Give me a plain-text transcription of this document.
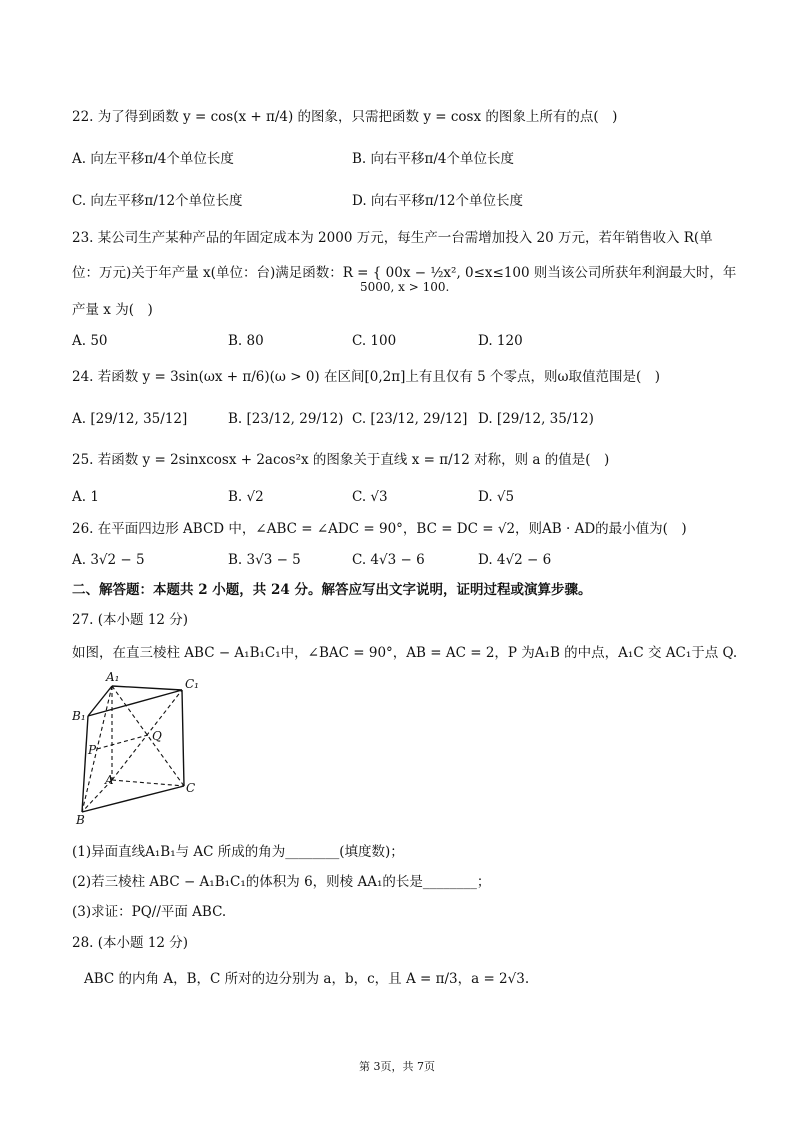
22. 为了得到函数 y = cos(x + π/4) 的图象，只需把函数 y = cosx 的图象上所有的点(　)
A. 向左平移π/4个单位长度	B. 向右平移π/4个单位长度
C. 向左平移π/12个单位长度	D. 向右平移π/12个单位长度
23. 某公司生产某种产品的年固定成本为 2000 万元，每生产一台需增加投入 20 万元，若年销售收入 R(单
位：万元)关于年产量 x(单位：台)满足函数：R = { 00x − ½x², 0≤x≤100 则当该公司所获年利润最大时，年
5000, x > 100.
产量 x 为(　)
A. 50	B. 80	C. 100	D. 120
24. 若函数 y = 3sin(ωx + π/6)(ω > 0) 在区间[0,2π]上有且仅有 5 个零点，则ω取值范围是(　)
A. [29/12, 35/12]	B. [23/12, 29/12) C. [23/12, 29/12] D. [29/12, 35/12)
25. 若函数 y = 2sinxcosx + 2acos²x 的图象关于直线 x = π/12 对称，则 a 的值是(　)
A. 1	B. √2	C. √3	D. √5
26. 在平面四边形 ABCD 中，∠ABC = ∠ADC = 90°，BC = DC = √2，则AB · AD的最小值为(　)
A. 3√2 − 5	B. 3√3 − 5	C. 4√3 − 6	D. 4√2 − 6
二、解答题：本题共 2 小题，共 24 分。解答应写出文字说明，证明过程或演算步骤。
27. (本小题 12 分)
如图，在直三棱柱 ABC − A₁B₁C₁中，∠BAC = 90°，AB = AC = 2，P 为A₁B 的中点，A₁C 交 AC₁于点 Q.
A₁	C₁
B₁
Q
P
A
C
B
(1)异面直线A₁B₁与 AC 所成的角为________(填度数)；
(2)若三棱柱 ABC − A₁B₁C₁的体积为 6，则棱 AA₁的长是________；
(3)求证：PQ//平面 ABC.
28. (本小题 12 分)
ABC 的内角 A，B，C 所对的边分别为 a，b，c，且 A = π/3，a = 2√3.
第 3页，共 7页
